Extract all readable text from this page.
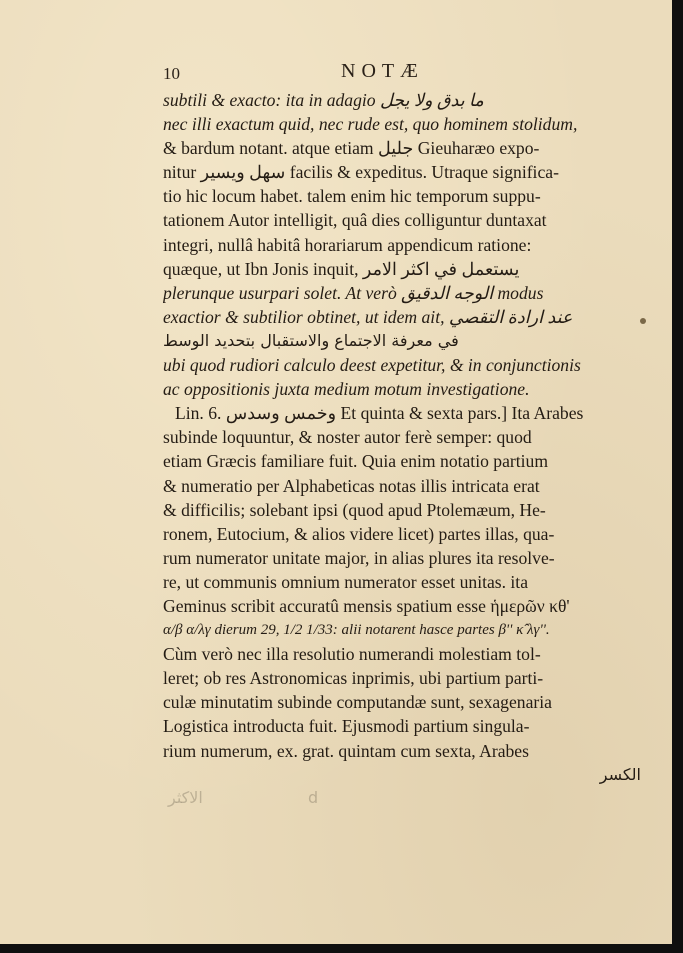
10	NOTÆ
subtili & exacto: ita in adagio ما بدق ولا يجل
nec illi exactum quid, nec rude est, quo hominem stolidum,
& bardum notant. atque etiam جليل Gieuharæo expo-
nitur سهل ويسير facilis & expeditus. Utraque significa-
tio hic locum habet. talem enim hic temporum suppu-
tationem Autor intelligit, quâ dies colliguntur duntaxat
integri, nullâ habitâ horariarum appendicum ratione:
quæque, ut Ibn Jonis inquit, يستعمل في اكثر الامر
plerunque usurpari solet. At verò الوجه الدقيق modus
exactior & subtilior obtinet, ut idem ait, عند ارادة التقصي
في معرفة الاجتماع والاستقبال بتحديد الوسط
ubi quod rudiori calculo deest expetitur, & in conjunctionis
ac oppositionis juxta medium motum investigatione.
Lin. 6. وخمس وسدس Et quinta & sexta pars.] Ita Arabes
subinde loquuntur, & noster autor ferè semper: quod
etiam Græcis familiare fuit. Quia enim notatio partium
& numeratio per Alphabeticas notas illis intricata erat
& difficilis; solebant ipsi (quod apud Ptolemæum, He-
ronem, Eutocium, & alios videre licet) partes illas, qua-
rum numerator unitate major, in alias plures ita resolve-
re, ut communis omnium numerator esset unitas. ita
Geminus scribit accuratû mensis spatium esse ἡμερῶν κθ'
α/β α/λγ dierum 29, 1/2 1/33: alii notarent hasce partes β'' κ̂ λγ''.
Cùm verò nec illa resolutio numerandi molestiam tol-
leret; ob res Astronomicas inprimis, ubi partium parti-
culæ minutatim subinde computandæ sunt, sexagenaria
Logistica introducta fuit. Ejusmodi partium singula-
rium numerum, ex. grat. quintam cum sexta, Arabes
الكسر
الاكثر	d
